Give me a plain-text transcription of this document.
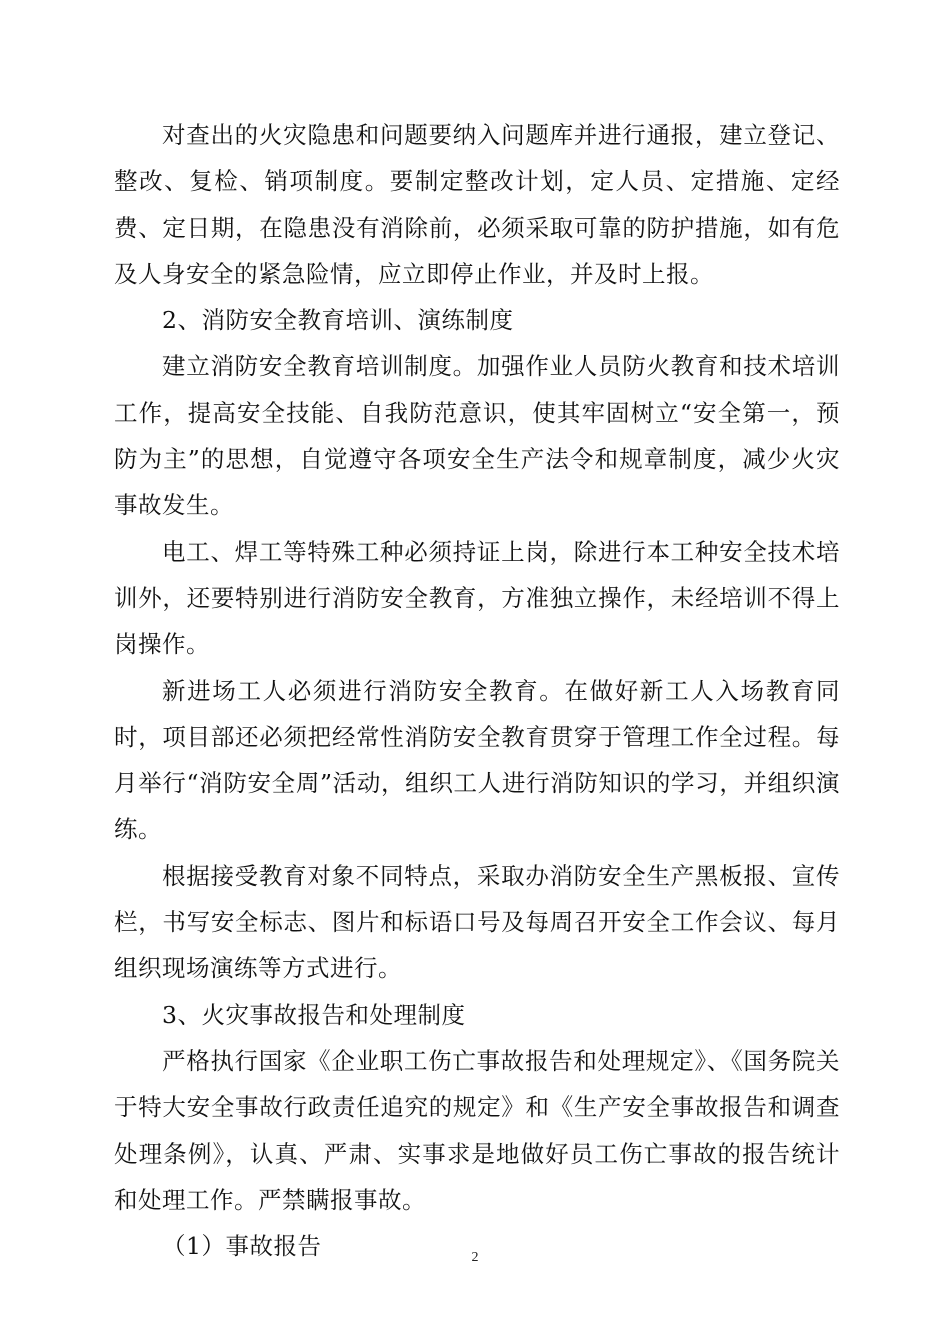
对查出的火灾隐患和问题要纳入问题库并进行通报，建立登记、整改、复检、销项制度。要制定整改计划，定人员、定措施、定经费、定日期，在隐患没有消除前，必须采取可靠的防护措施，如有危及人身安全的紧急险情，应立即停止作业，并及时上报。

2、消防安全教育培训、演练制度

建立消防安全教育培训制度。加强作业人员防火教育和技术培训工作，提高安全技能、自我防范意识，使其牢固树立“安全第一，预防为主”的思想，自觉遵守各项安全生产法令和规章制度，减少火灾事故发生。

电工、焊工等特殊工种必须持证上岗，除进行本工种安全技术培训外，还要特别进行消防安全教育，方准独立操作，未经培训不得上岗操作。

新进场工人必须进行消防安全教育。在做好新工人入场教育同时，项目部还必须把经常性消防安全教育贯穿于管理工作全过程。每月举行“消防安全周”活动，组织工人进行消防知识的学习，并组织演练。

根据接受教育对象不同特点，采取办消防安全生产黑板报、宣传栏，书写安全标志、图片和标语口号及每周召开安全工作会议、每月组织现场演练等方式进行。

3、火灾事故报告和处理制度

严格执行国家《企业职工伤亡事故报告和处理规定》、《国务院关于特大安全事故行政责任追究的规定》和《生产安全事故报告和调查处理条例》，认真、严肃、实事求是地做好员工伤亡事故的报告统计和处理工作。严禁瞒报事故。

（1）事故报告	2
